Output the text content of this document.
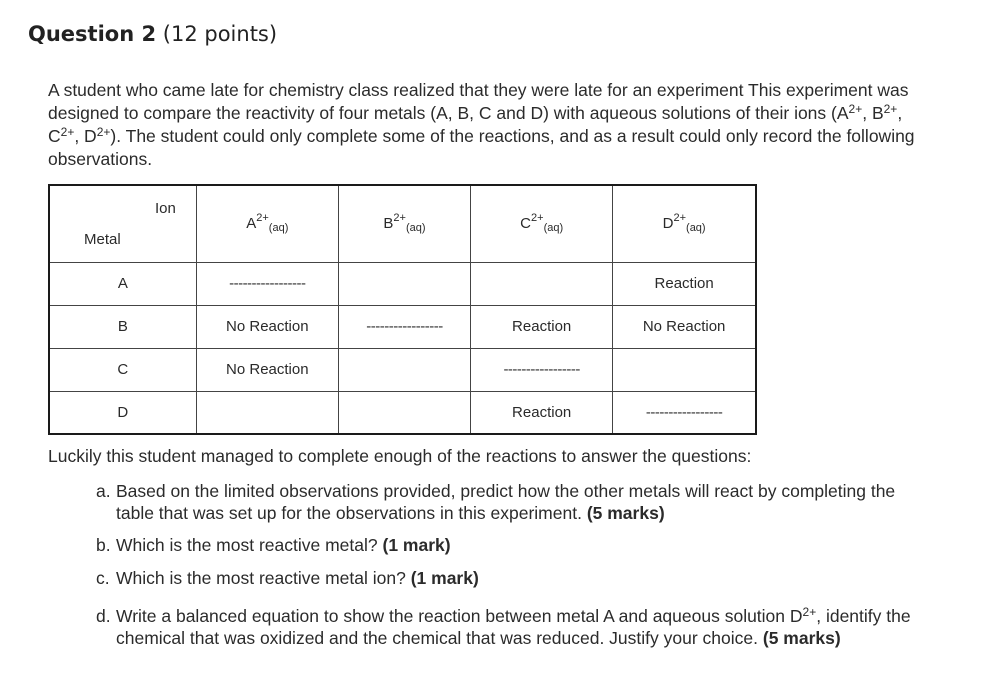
Question 2 (12 points)
A student who came late for chemistry class realized that they were late for an experiment This experiment was designed to compare the reactivity of four metals (A, B, C and D) with aqueous solutions of their ions ($A^{2+}$, $B^{2+}$, $C^{2+}$, $D^{2+}$). The student could only complete some of the reactions, and as a result could only record the following observations.
Ion
Metal	$A^{2+}_{(aq)}$	$B^{2+}_{(aq)}$	$C^{2+}_{(aq)}$	$D^{2+}_{(aq)}$
A	-----------------			Reaction
B	No Reaction	-----------------	Reaction	No Reaction
C	No Reaction		-----------------	
D			Reaction	-----------------
Luckily this student managed to complete enough of the reactions to answer the questions:
a. Based on the limited observations provided, predict how the other metals will react by completing the table that was set up for the observations in this experiment. (5 marks)
b. Which is the most reactive metal? (1 mark)
c. Which is the most reactive metal ion? (1 mark)
d. Write a balanced equation to show the reaction between metal A and aqueous solution $D^{2+}$, identify the chemical that was oxidized and the chemical that was reduced. Justify your choice. (5 marks)
